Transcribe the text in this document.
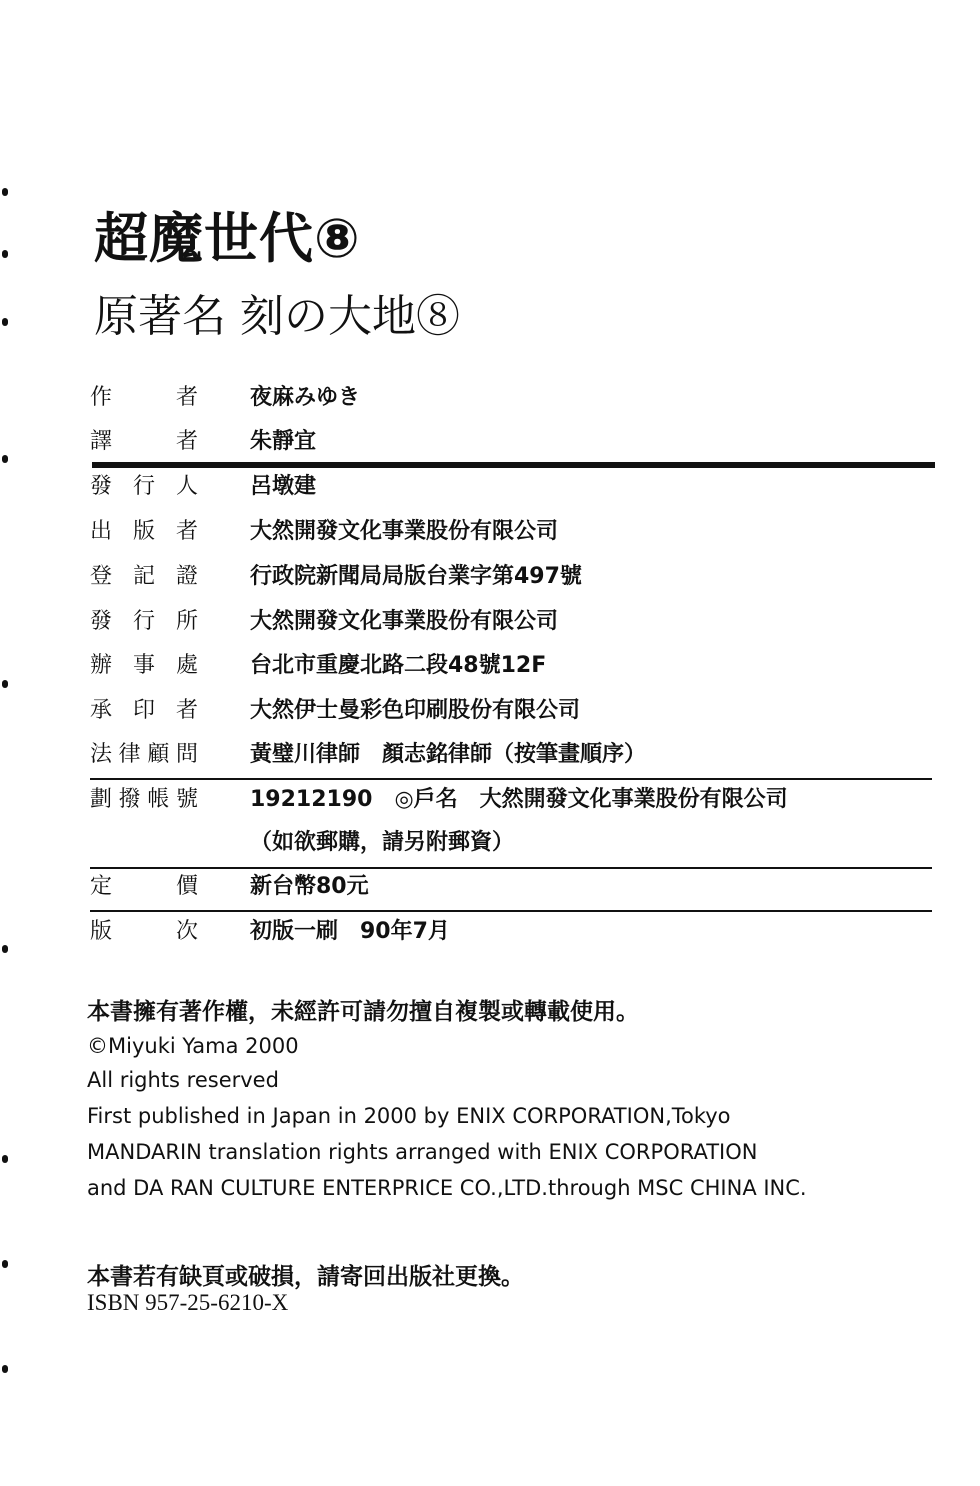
超魔世代⑧
原著名 刻の大地⑧
作者 夜麻みゆき
譯者 朱靜宜
發行人 呂墩建
出版者 大然開發文化事業股份有限公司
登記證 行政院新聞局局版台業字第497號
發行所 大然開發文化事業股份有限公司
辦事處 台北市重慶北路二段48號12F
承印者 大然伊士曼彩色印刷股份有限公司
法律顧問 黃璧川律師　顏志銘律師（按筆畫順序）
劃撥帳號 19212190　◎戶名　大然開發文化事業股份有限公司
（如欲郵購，請另附郵資）
定價 新台幣80元
版次 初版一刷　90年7月
本書擁有著作權，未經許可請勿擅自複製或轉載使用。
©Miyuki Yama 2000
All rights reserved
First published in Japan in 2000 by ENIX CORPORATION,Tokyo
MANDARIN translation rights arranged with ENIX CORPORATION
and DA RAN CULTURE ENTERPRICE CO.,LTD.through MSC CHINA INC.
本書若有缺頁或破損，請寄回出版社更換。
ISBN 957-25-6210-X
